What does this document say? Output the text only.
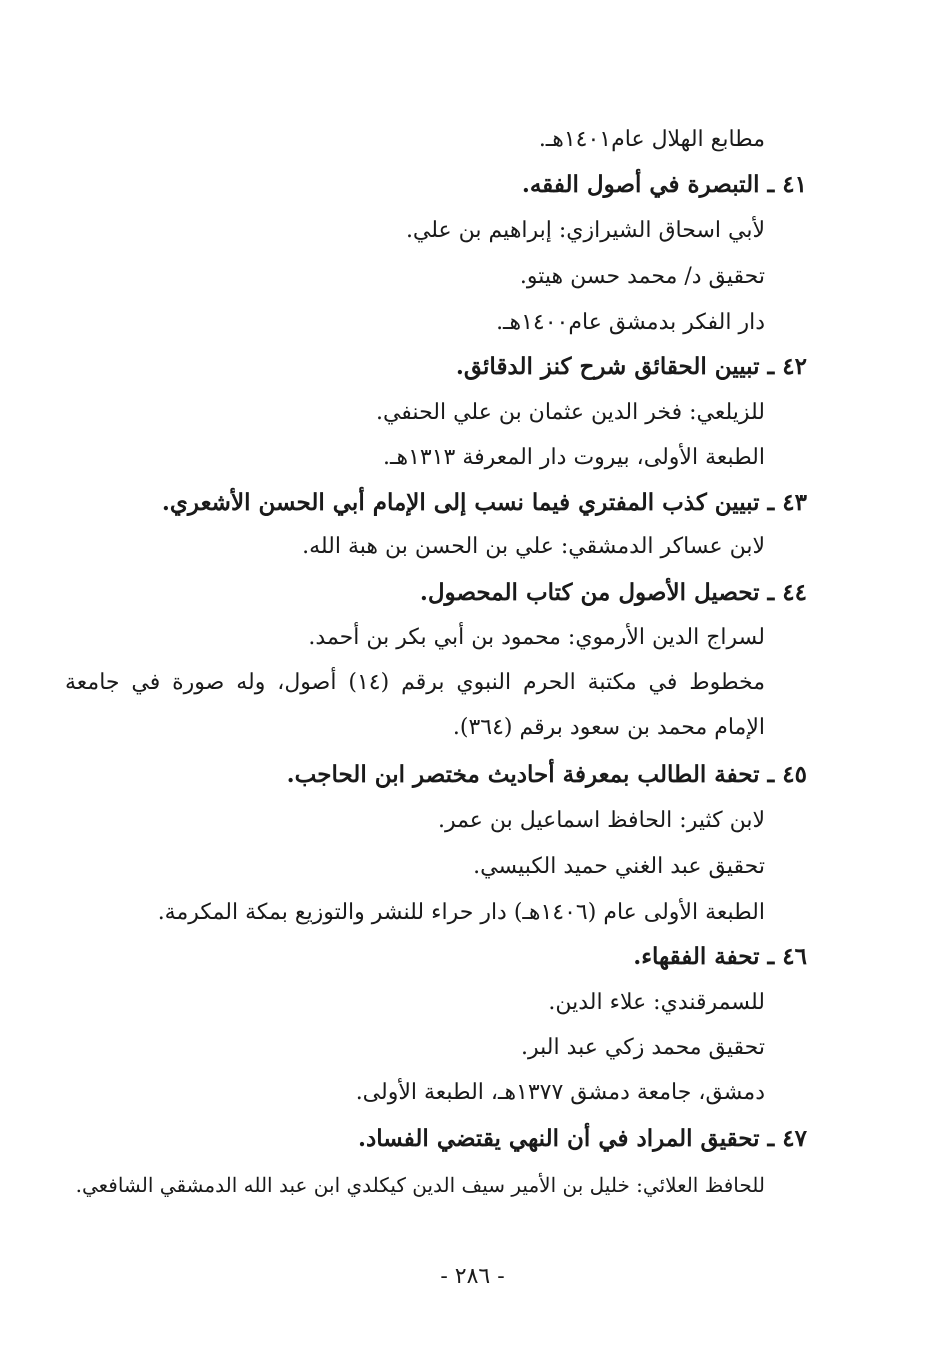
مطابع الهلال عام١٤٠١هـ.
٤١ ـ التبصرة في أصول الفقه.
لأبي اسحاق الشيرازي: إبراهيم بن علي.
تحقيق د/ محمد حسن هيتو.
دار الفكر بدمشق عام١٤٠٠هـ.
٤٢ ـ تبيين الحقائق شرح كنز الدقائق.
للزيلعي: فخر الدين عثمان بن علي الحنفي.
الطبعة الأولى، بيروت دار المعرفة ١٣١٣هـ.
٤٣ ـ تبيين كذب المفتري فيما نسب إلى الإمام أبي الحسن الأشعري.
لابن عساكر الدمشقي: علي بن الحسن بن هبة الله.
٤٤ ـ تحصيل الأصول من كتاب المحصول.
لسراج الدين الأرموي: محمود بن أبي بكر بن أحمد.
مخطوط في مكتبة الحرم النبوي برقم (١٤) أصول، وله صورة في جامعة
الإمام محمد بن سعود برقم (٣٦٤).
٤٥ ـ تحفة الطالب بمعرفة أحاديث مختصر ابن الحاجب.
لابن كثير: الحافظ اسماعيل بن عمر.
تحقيق عبد الغني حميد الكبيسي.
الطبعة الأولى عام (١٤٠٦هـ) دار حراء للنشر والتوزيع بمكة المكرمة.
٤٦ ـ تحفة الفقهاء.
للسمرقندي: علاء الدين.
تحقيق محمد زكي عبد البر.
دمشق، جامعة دمشق ١٣٧٧هـ، الطبعة الأولى.
٤٧ ـ تحقيق المراد في أن النهي يقتضي الفساد.
للحافظ العلائي: خليل بن الأمير سيف الدين كيكلدي ابن عبد الله الدمشقي الشافعي.
- ٢٨٦ -
